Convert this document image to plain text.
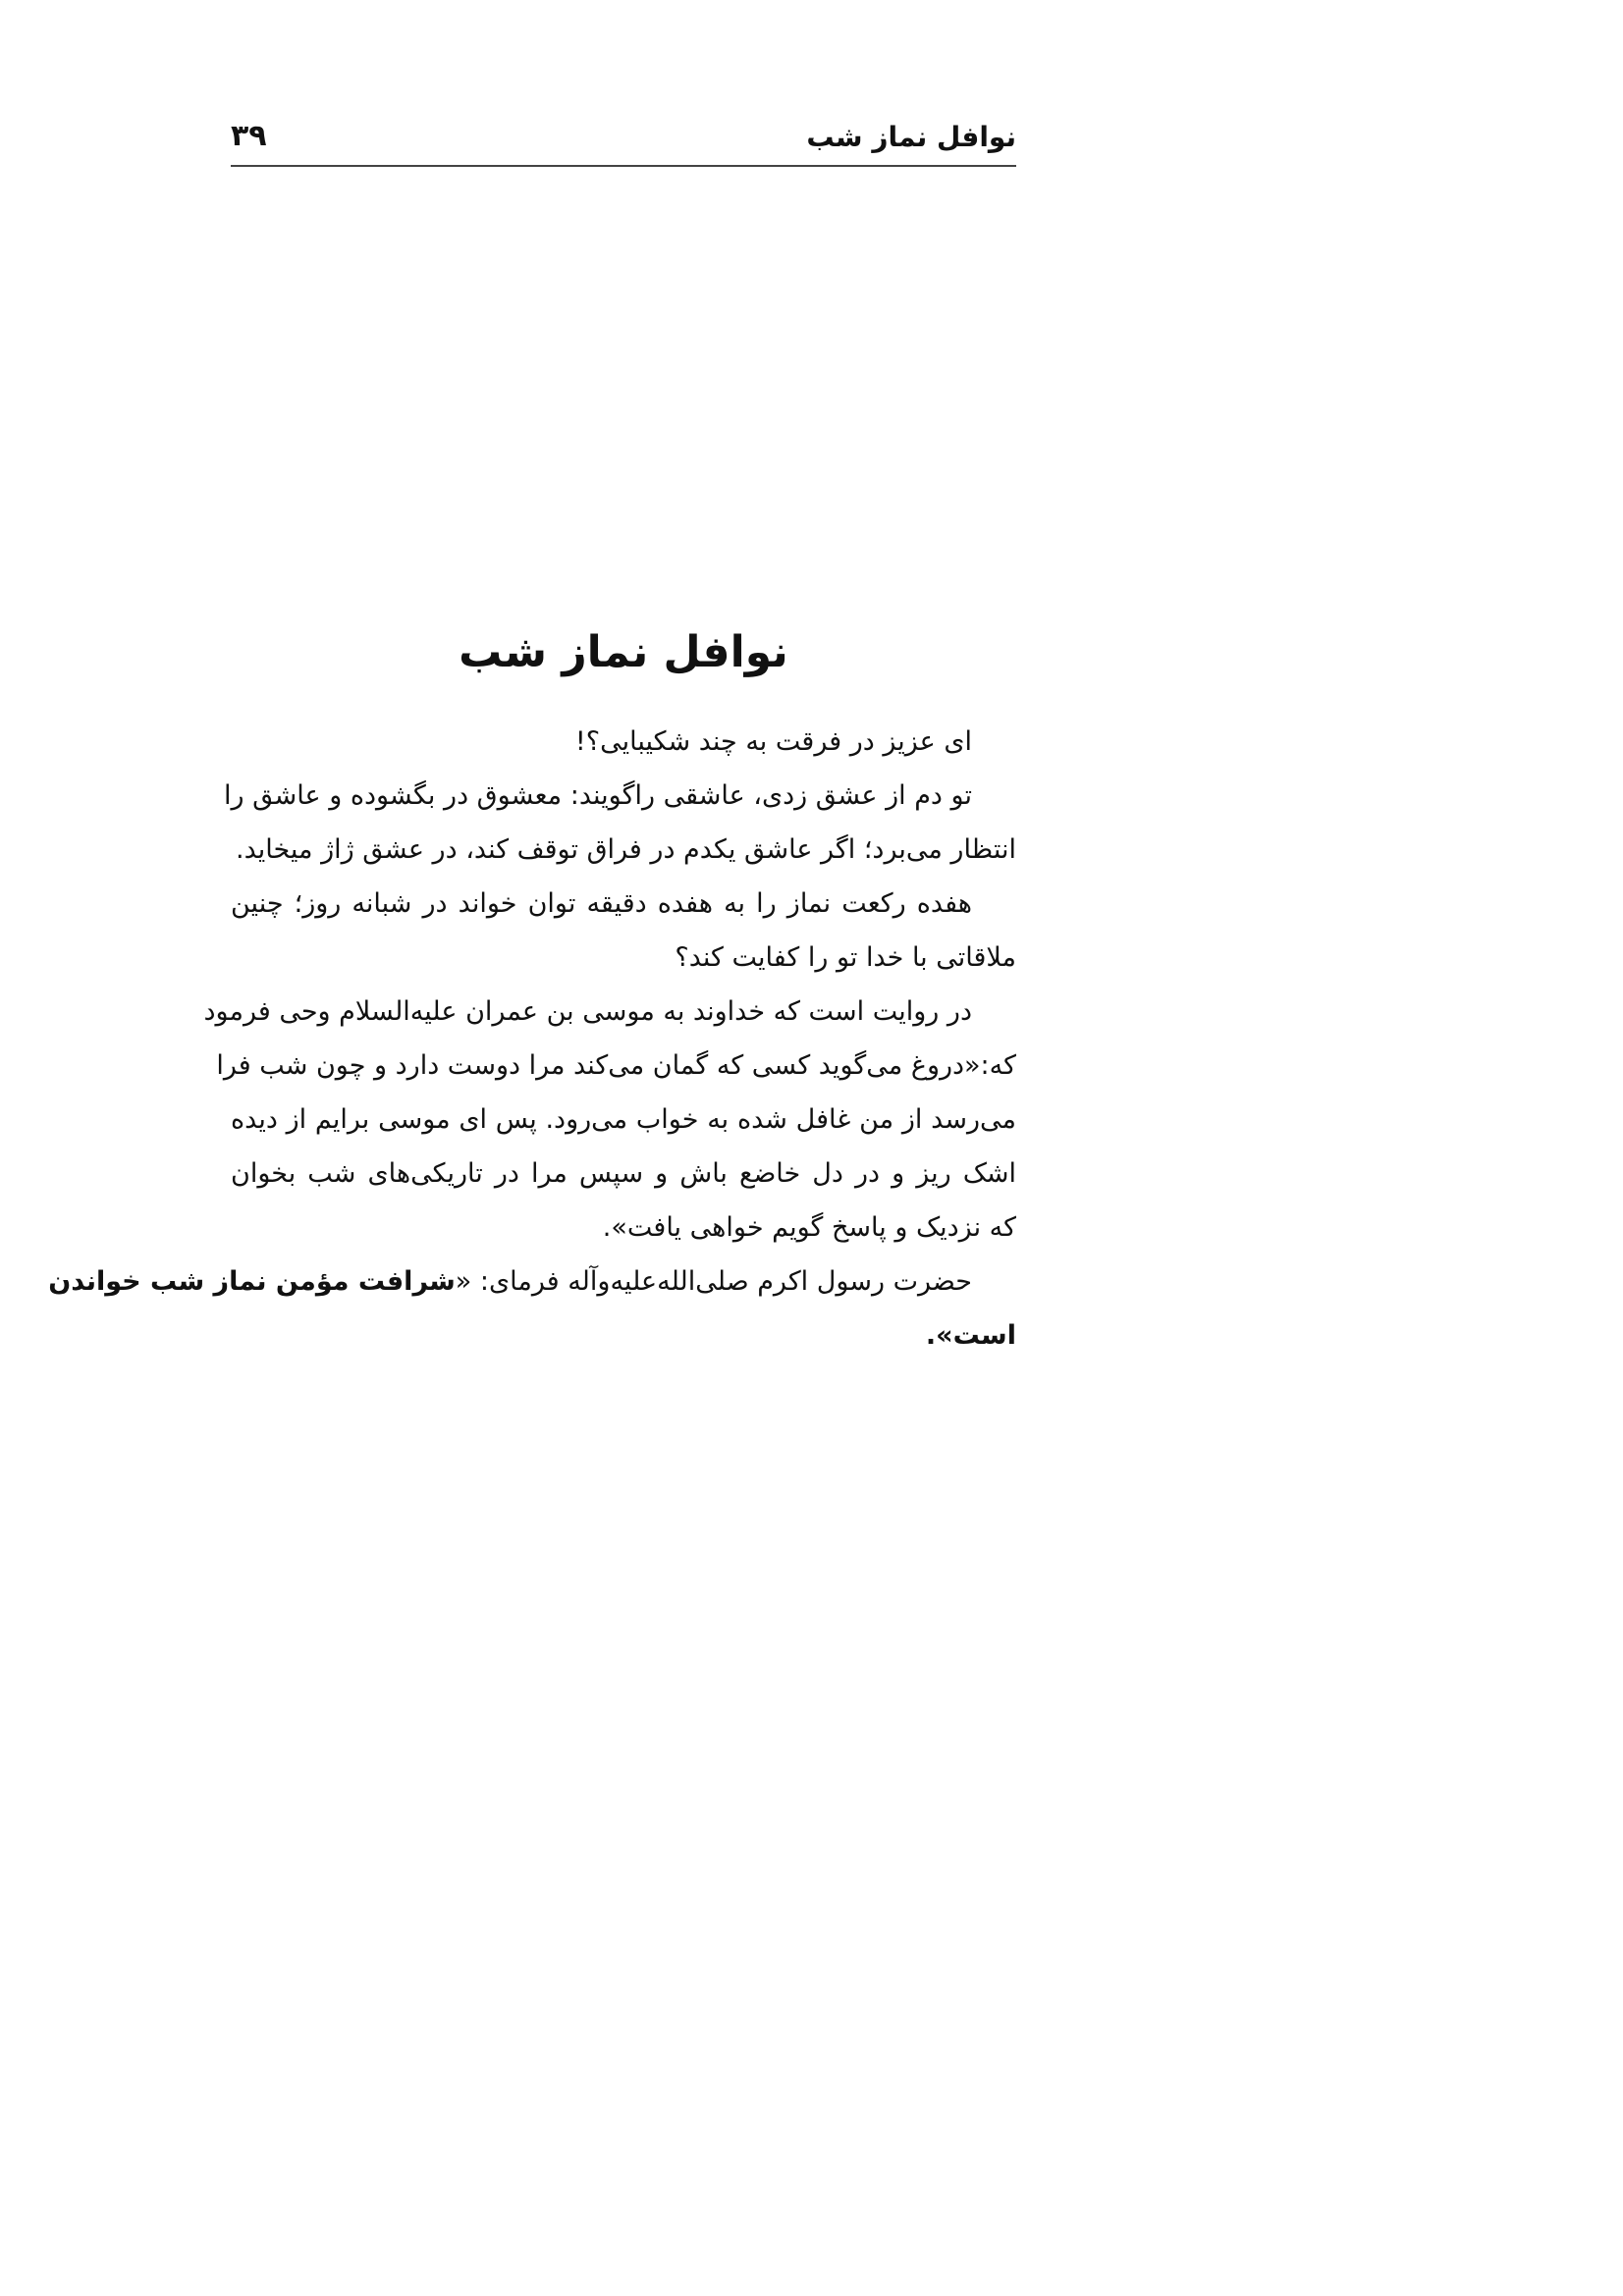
نوافل نماز شب
۳۹
نوافل نماز شب
ای عزیز در فرقت به چند شکیبایی؟!
تو دم از عشق زدی، عاشقی راگویند: معشوق در بگشوده و عاشق را
انتظار می‌برد؛ اگر عاشق یکدم در فراق توقف کند، در عشق ژاژ میخاید.
هفده رکعت نماز را به هفده دقیقه توان خواند در شبانه روز؛ چنین
ملاقاتی با خدا تو را کفایت کند؟
در روایت است که خداوند به موسی بن عمران علیه‌السلام وحی فرمود
که:«دروغ می‌گوید کسی که گمان می‌کند مرا دوست دارد و چون شب فرا
می‌رسد از من غافل شده به خواب می‌رود. پس ای موسی برایم از دیده
اشک ریز و در دل خاضع باش و سپس مرا در تاریکی‌های شب بخوان
که نزدیک و پاسخ گویم خواهی یافت».
حضرت رسول اکرم صلی‌الله‌علیه‌وآله فرمای: «شرافت مؤمن نماز شب خواندن
است».
